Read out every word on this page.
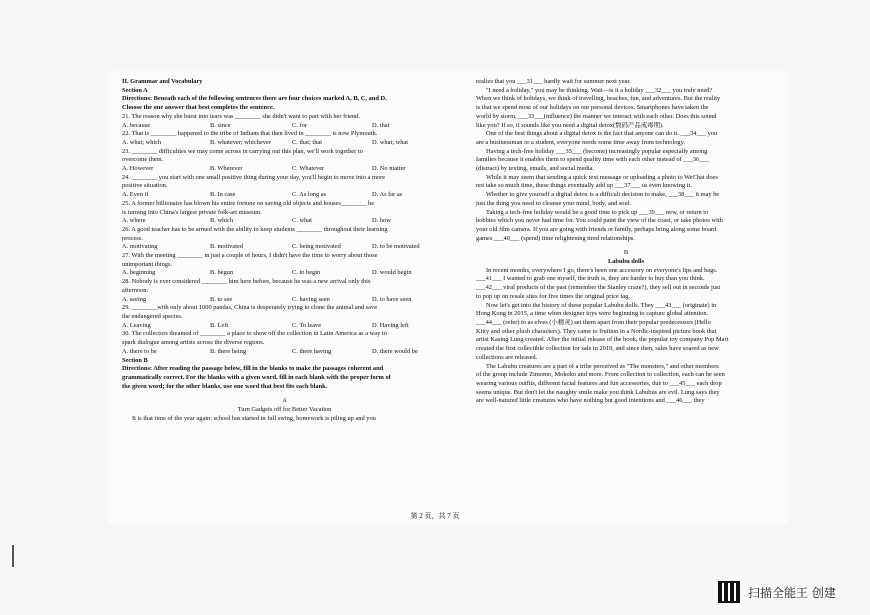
II. Grammar and Vocabulary
Section A
Directions: Beneath each of the following sentences there are four choices marked A, B, C, and D.
Choose the one answer that best completes the sentence.
21. The reason why she burst into tears was ________ she didn't want to part with her friend.
A. because	B. since	C. for	D. that
22. That is ________ happened to the tribe of Indians that then lived in ________ is now Plymouth.
A. what; which	B. whatever; whichever	C. that; that	D. what; what
23. ________ difficulties we may come across in carrying out this plan, we'll work together to
overcome them.
A. However	B. Wherever	C. Whatever	D. No matter
24. ________ you start with one small positive thing during your day, you'll begin to move into a more
positive situation.
A. Even if	B. In case	C. As long as	D. As far as
25. A former billionaire has blown his entire fortune on saving old objects and houses________ he
is turning into China's largest private folk-art museum.
A. where	B. which	C. what	D. how
26. A good teacher has to be armed with the ability to keep students ________ throughout their learning
process.
A. motivating	B. motivated	C. being motivated	D. to be motivated
27. With the meeting ________ in just a couple of hours, I didn't have the time to worry about those
unimportant things.
A. beginning	B. begun	C. to begin	D. would begin
28. Nobody is ever considered ________ him here before, because he was a new arrival only this
afternoon.
A. seeing	B. to see	C. having seen	D. to have seen
29. ________with only about 1000 pandas, China is desperately trying to clone the animal and save
the endangered species.
A. Leaving	B. Left	C. To leave	D. Having left
30. The collectors dreamed of ________ a place to show off the collection in Latin America as a way to
spark dialogue among artists across the diverse regions.
A. there to be	B. there being	C. there having	D. there would be
Section B
Directions: After reading the passage below, fill in the blanks to make the passages coherent and
grammatically correct. For the blanks with a given word, fill in each blank with the proper form of
the given word; for the other blanks, use one word that best fits each blank.
A
Turn Gadgets off for Better Vacation
It is that time of the year again: school has started in full swing, homework is piling up and you
realize that you ___31___ hardly wait for summer next year.
"I need a holiday," you may be thinking. Wait—is it a holiday ___32___ you truly need?
When we think of holidays, we think of travelling, beaches, fun, and adventures. But the reality
is that we spend most of our holidays on our personal devices. Smartphones have taken the
world by storm, ___33___(influence) the manner we interact with each other. Does this sound
like you? If so, it sounds like you need a digital detox(数码产品戒毒期).
One of the best things about a digital detox is the fact that anyone can do it. ___34___ you
are a businessman or a student, everyone needs some time away from technology.
Having a tech-free holiday ___35___ (become) increasingly popular especially among
families because it enables them to spend quality time with each other instead of ___36___
(distract) by texting, emails, and social media.
While it may seem that sending a quick text message or uploading a photo to WeChat does
not take so much time, these things eventually add up ___37___ us even knowing it.
Whether to give yourself a digital detox is a difficult decision to make, ___38___ it may be
just the thing you need to cleanse your mind, body, and soul.
Taking a tech-free holiday would be a good time to pick up ___39___ new, or return to
hobbies which you never had time for. You could paint the view of the coast, or take photos with
your old film camera. If you are going with friends or family, perhaps bring along some board
games ___40___ (spend) time relightening tired relationships.
B
Labubu dolls
In recent months, everywhere I go, there's been one accessory on everyone's lips and bags.
___41___ I wanted to grab one myself, the truth is, they are harder to buy than you think.
___42___ viral products of the past (remember the Stanley craze?), they sell out in seconds just
to pop up on resale sites for five times the original price tag.
Now let's get into the history of these popular Labubu dolls. They ___43___ (originate) in
Hong Kong in 2015, a time when designer toys were beginning to capture global attention.
___44___ (refer) to as elves (小精灵) set them apart from their popular predecessors (Hello
Kitty and other plush characters). They came to fruition in a Nordic-inspired picture book that
artist Kasing Lung created. After the initial release of the book, the popular toy company Pop Mart
created the first collectible collection for sale in 2019, and since then, sales have soared as new
collections are released.
The Labubu creatures are a part of a tribe perceived as "The monsters," and other members
of the group include Zimomo, Mokoko and more. From collection to collection, each can be seen
wearing various outfits, different facial features and fun accessories, due to ___45___ each drop
seems unique. But don't let the naughty smile make you think Labubus are evil. Lung says they
are well-natured little creatures who have nothing but good intentions and ___46___ they
第 2 页，共 7 页
扫描全能王 创建
